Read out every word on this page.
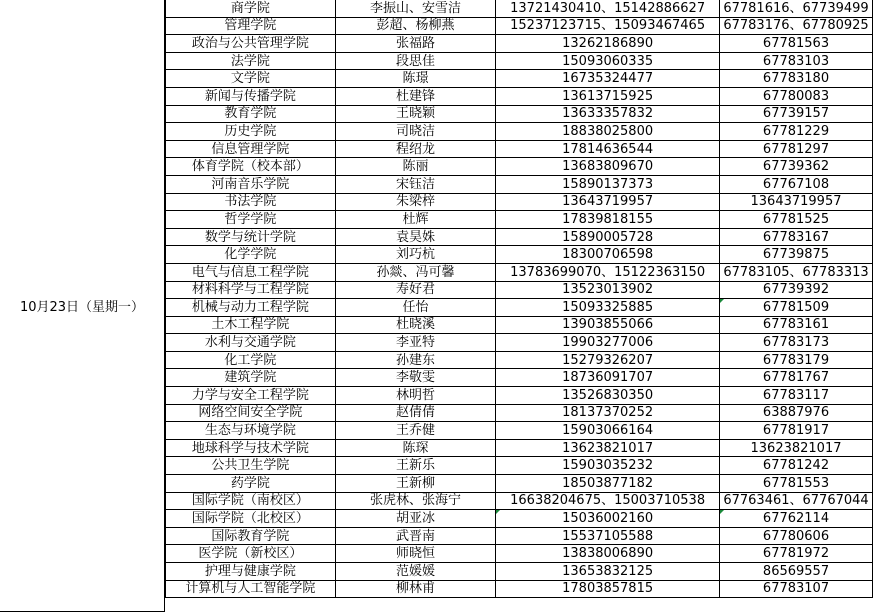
10月23日（星期一）
商学院	李振山、安雪洁	13721430410、15142886627	67781616、67739499
管理学院	彭超、杨柳燕	15237123715、15093467465	67783176、67780925
政治与公共管理学院	张福路	13262186890	67781563
法学院	段思佳	15093060335	67783103
文学院	陈璟	16735324477	67783180
新闻与传播学院	杜建锋	13613715925	67780083
教育学院	王晓颖	13633357832	67739157
历史学院	司晓洁	18838025800	67781229
信息管理学院	程绍龙	17814636544	67781297
体育学院（校本部）	陈丽	13683809670	67739362
河南音乐学院	宋钰洁	15890137373	67767108
书法学院	朱梁梓	13643719957	13643719957
哲学学院	杜辉	17839818155	67781525
数学与统计学院	袁昊姝	15890005728	67783167
化学学院	刘巧杭	18300706598	67739875
电气与信息工程学院	孙燚、冯可馨	13783699070、15122363150	67783105、67783313
材料科学与工程学院	寿好君	13523013902	67739392
机械与动力工程学院	任怡	15093325885	67781509

土木工程学院	杜晓溪	13903855066	67783161
水利与交通学院	李亚特	19903277006	67783173
化工学院	孙建东	15279326207	67783179
建筑学院	李敬雯	18736091707	67781767
力学与安全工程学院	林明哲	13526830350	67783117
网络空间安全学院	赵倩倩	18137370252	63887976
生态与环境学院	王乔健	15903066164	67781917
地球科学与技术学院	陈琛	13623821017	13623821017
公共卫生学院	王新乐	15903035232	67781242
药学院	王新柳	18503877182	67781553
国际学院（南校区）	张虎林、张海宁	16638204675、15003710538	67763461、67767044
国际学院（北校区）	胡亚冰	15036002160	67762114

国际教育学院	武晋南	15537105588	67780606
医学院（新校区）	师晓恒	13838006890	67781972
护理与健康学院	范媛媛	13653832125	86569557
计算机与人工智能学院	柳林甫	17803857815	67783107
